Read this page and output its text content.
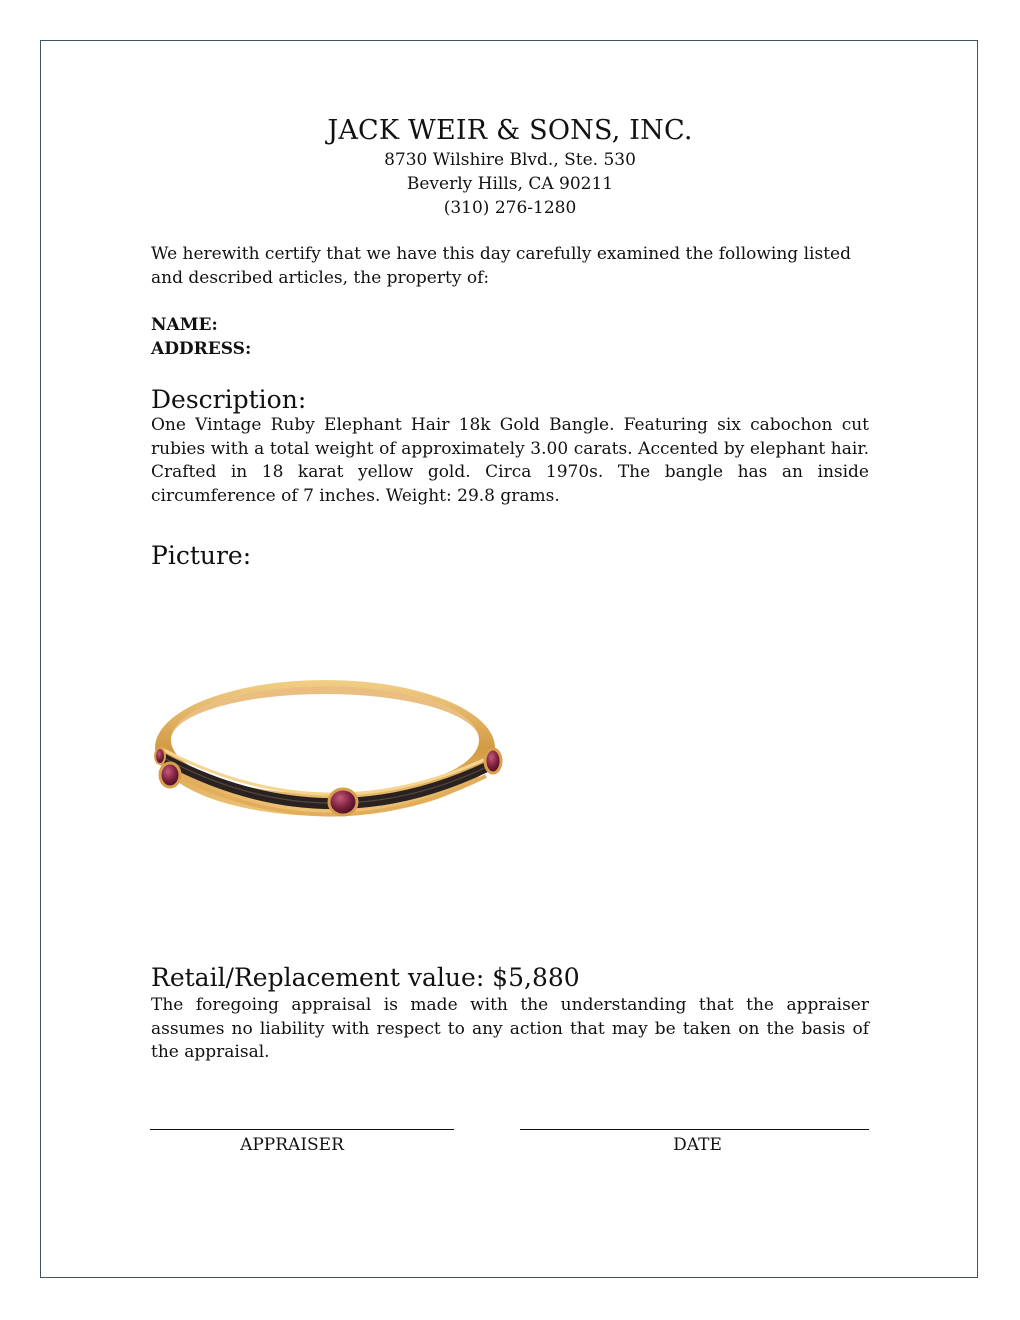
JACK WEIR & SONS, INC.
8730 Wilshire Blvd., Ste. 530
Beverly Hills, CA 90211
(310) 276-1280
We herewith certify that we have this day carefully examined the following listed and described articles, the property of:
NAME:
ADDRESS:
Description:
One Vintage Ruby Elephant Hair 18k Gold Bangle. Featuring six cabochon cut rubies with a total weight of approximately 3.00 carats. Accented by elephant hair. Crafted in 18 karat yellow gold. Circa 1970s. The bangle has an inside circumference of 7 inches. Weight: 29.8 grams.
Picture:
Retail/Replacement value: $5,880
The foregoing appraisal is made with the understanding that the appraiser assumes no liability with respect to any action that may be taken on the basis of the appraisal.
APPRAISER	DATE
